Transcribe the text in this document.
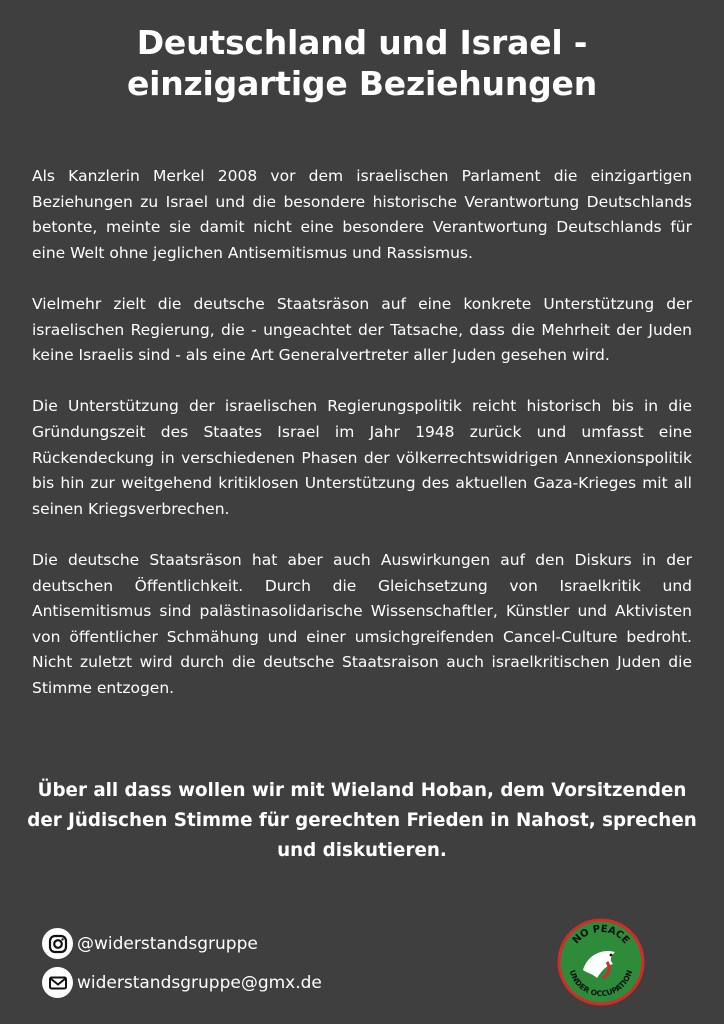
Deutschland und Israel -
einzigartige Beziehungen

Als Kanzlerin Merkel 2008 vor dem israelischen Parlament die einzigartigen Beziehungen zu Israel und die besondere historische Verantwortung Deutschlands betonte, meinte sie damit nicht eine besondere Verantwortung Deutschlands für eine Welt ohne jeglichen Antisemitismus und Rassismus.

Vielmehr zielt die deutsche Staatsräson auf eine konkrete Unterstützung der israelischen Regierung, die - ungeachtet der Tatsache, dass die Mehrheit der Juden keine Israelis sind - als eine Art Generalvertreter aller Juden gesehen wird.

Die Unterstützung der israelischen Regierungspolitik reicht historisch bis in die Gründungszeit des Staates Israel im Jahr 1948 zurück und umfasst eine Rückendeckung in verschiedenen Phasen der völkerrechtswidrigen Annexionspolitik bis hin zur weitgehend kritiklosen Unterstützung des aktuellen Gaza-Krieges mit all seinen Kriegsverbrechen.

Die deutsche Staatsräson hat aber auch Auswirkungen auf den Diskurs in der deutschen Öffentlichkeit. Durch die Gleichsetzung von Israelkritik und Antisemitismus sind palästinasolidarische Wissenschaftler, Künstler und Aktivisten von öffentlicher Schmähung und einer umsichgreifenden Cancel-Culture bedroht. Nicht zuletzt wird durch die deutsche Staatsraison auch israelkritischen Juden die Stimme entzogen.

Über all dass wollen wir mit Wieland Hoban, dem Vorsitzenden der Jüdischen Stimme für gerechten Frieden in Nahost, sprechen und diskutieren.
@widerstandsgruppe
widerstandsgruppe@gmx.de
NO PEACE
UNDER OCCUPATION
